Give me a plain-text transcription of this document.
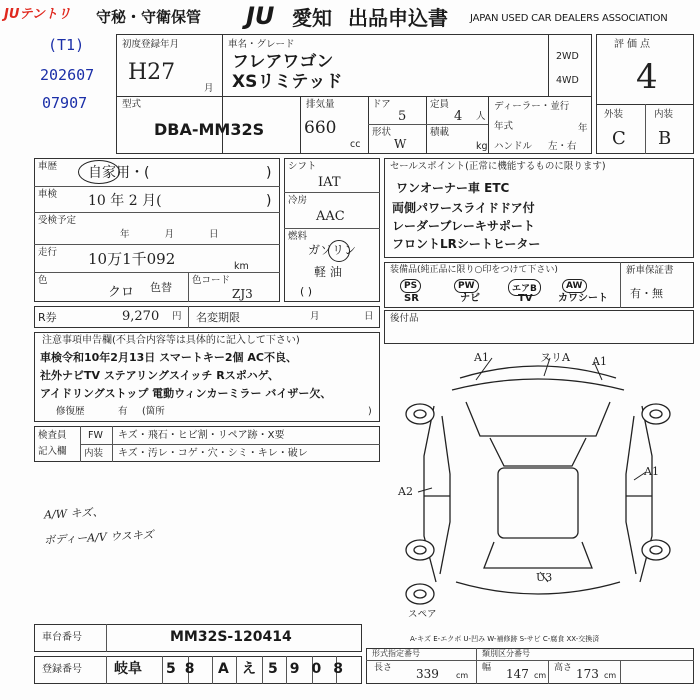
JUテントリ 守秘・守衛保管 JU 愛知 出品申込書 JAPAN USED CAR DEALERS ASSOCIATION
(T1)
202607
07907
初度登録年月
H27
月
車名・グレード
フレアワゴン
XSリミテッド
2WD
4WD
型式
DBA-MM32S
排気量
660
cc
ドア
5
形状
W
定員
4 人
積載
kg
ディーラー・並行
年式	年
ハンドル 左・右
評価点
4
外装	内装
C B
車歴 自家用・(	)
車検 10 年 2 月(	)
受検予定
年 月 日
走行 10万1千092	km
色
クロ 色替
色コード
ZJ3
R券	9,270 円 名変期限	月	日
シフト
IAT
冷房
AAC
燃料
ガソリン
軽 油
( )
セールスポイント(正常に機能するものに限ります)
ワンオーナー車 ETC
両側パワースライドドア付
レーダーブレーキサポート
フロントLRシートヒーター
装備品(純正品に限り○印をつけて下さい)	新車保証書
有・無
PS	PW	エアB	AW
SR	ナビ	TV	カワシート
後付品
注意事項申告欄(不具合内容等は具体的に記入して下さい)
車検令和10年2月13日 スマートキー2個 AC不良、
社外ナビTV ステアリングスイッチ Rスポハゲ、
アイドリングストップ 電動ウィンカーミラー バイザー欠、
修復歴	有 (箇所	)
検査員
記入欄
FW キズ・飛石・ヒビ割・リペア跡・X要
内装 キズ・汚レ・コゲ・穴・シミ・キレ・破レ
A/W キズ、
ボディーA/V ウスキズ
A1	ヌリA A1
A2
A1
U3
スペア
A-キズ E-エクボ U-凹み W-補修跡 S-サビ C-腐食 XX-交換済
車台番号	MM32S-120414
登録番号 岐阜 58 A え 5908
形式指定番号	類別区分番号
長さ 339 cm
幅 147 cm
高さ 173 cm
